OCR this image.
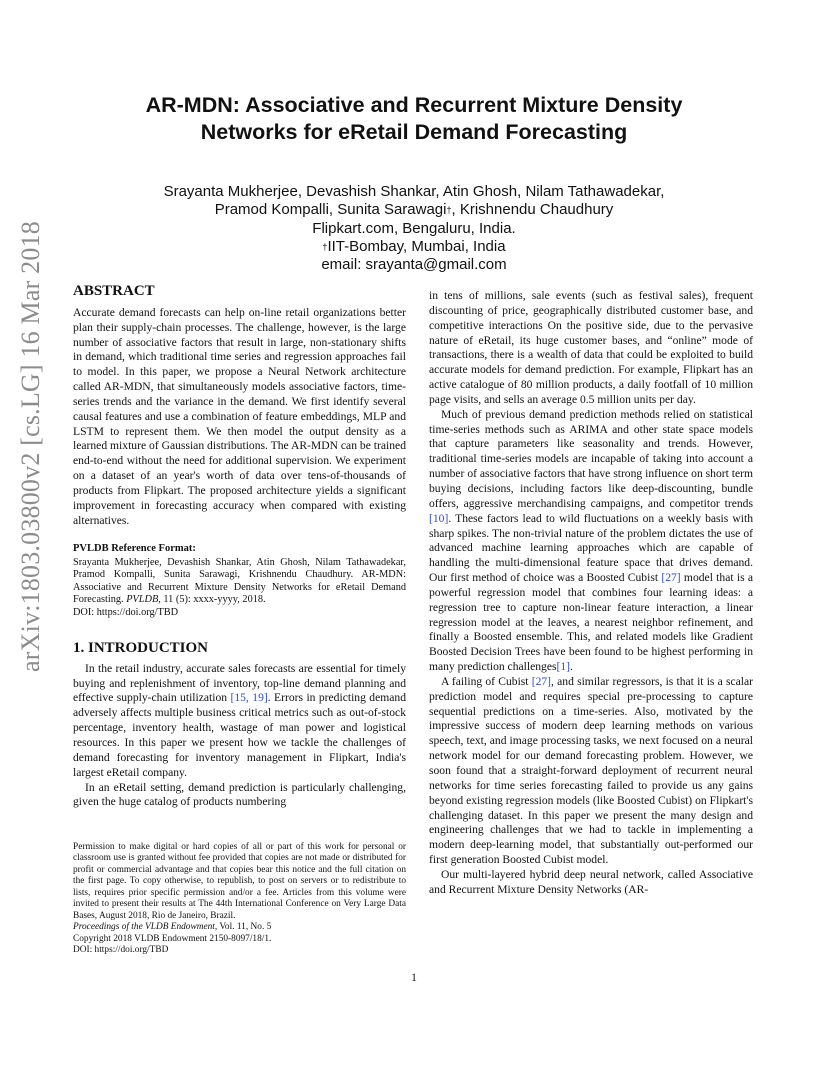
arXiv:1803.03800v2 [cs.LG] 16 Mar 2018
AR-MDN: Associative and Recurrent Mixture Density
Networks for eRetail Demand Forecasting
Srayanta Mukherjee, Devashish Shankar, Atin Ghosh, Nilam Tathawadekar,
Pramod Kompalli, Sunita Sarawagi†, Krishnendu Chaudhury
Flipkart.com, Bengaluru, India.
†IIT-Bombay, Mumbai, India
email: srayanta@gmail.com
ABSTRACT

Accurate demand forecasts can help on-line retail organizations better plan their supply-chain processes. The challenge, however, is the large number of associative factors that result in large, non-stationary shifts in demand, which traditional time series and regression approaches fail to model. In this paper, we propose a Neural Network architecture called AR-MDN, that simultaneously models associative factors, time-series trends and the variance in the demand. We first identify several causal features and use a combination of feature embeddings, MLP and LSTM to represent them. We then model the output density as a learned mixture of Gaussian distributions. The AR-MDN can be trained end-to-end without the need for additional supervision. We experiment on a dataset of an year's worth of data over tens-of-thousands of products from Flipkart. The proposed architecture yields a significant improvement in forecasting accuracy when compared with existing alternatives.

PVLDB Reference Format:
Srayanta Mukherjee, Devashish Shankar, Atin Ghosh, Nilam Tathawadekar, Pramod Kompalli, Sunita Sarawagi, Krishnendu Chaudhury. AR-MDN: Associative and Recurrent Mixture Density Networks for eRetail Demand Forecasting. PVLDB, 11 (5): xxxx-yyyy, 2018.
DOI: https://doi.org/TBD
1. INTRODUCTION

In the retail industry, accurate sales forecasts are essential for timely buying and replenishment of inventory, top-line demand planning and effective supply-chain utilization [15, 19]. Errors in predicting demand adversely affects multiple business critical metrics such as out-of-stock percentage, inventory health, wastage of man power and logistical resources. In this paper we present how we tackle the challenges of demand forecasting for inventory management in Flipkart, India's largest eRetail company.

In an eRetail setting, demand prediction is particularly challenging, given the huge catalog of products numbering

Permission to make digital or hard copies of all or part of this work for personal or classroom use is granted without fee provided that copies are not made or distributed for profit or commercial advantage and that copies bear this notice and the full citation on the first page. To copy otherwise, to republish, to post on servers or to redistribute to lists, requires prior specific permission and/or a fee. Articles from this volume were invited to present their results at The 44th International Conference on Very Large Data Bases, August 2018, Rio de Janeiro, Brazil.

Proceedings of the VLDB Endowment, Vol. 11, No. 5

Copyright 2018 VLDB Endowment 2150-8097/18/1.

DOI: https://doi.org/TBD

in tens of millions, sale events (such as festival sales), frequent discounting of price, geographically distributed customer base, and competitive interactions On the positive side, due to the pervasive nature of eRetail, its huge customer bases, and “online” mode of transactions, there is a wealth of data that could be exploited to build accurate models for demand prediction. For example, Flipkart has an active catalogue of 80 million products, a daily footfall of 10 million page visits, and sells an average 0.5 million units per day.

Much of previous demand prediction methods relied on statistical time-series methods such as ARIMA and other state space models that capture parameters like seasonality and trends. However, traditional time-series models are incapable of taking into account a number of associative factors that have strong influence on short term buying decisions, including factors like deep-discounting, bundle offers, aggressive merchandising campaigns, and competitor trends [10]. These factors lead to wild fluctuations on a weekly basis with sharp spikes. The non-trivial nature of the problem dictates the use of advanced machine learning approaches which are capable of handling the multi-dimensional feature space that drives demand. Our first method of choice was a Boosted Cubist [27] model that is a powerful regression model that combines four learning ideas: a regression tree to capture non-linear feature interaction, a linear regression model at the leaves, a nearest neighbor refinement, and finally a Boosted ensemble. This, and related models like Gradient Boosted Decision Trees have been found to be highest performing in many prediction challenges[1].

A failing of Cubist [27], and similar regressors, is that it is a scalar prediction model and requires special pre-processing to capture sequential predictions on a time-series. Also, motivated by the impressive success of modern deep learning methods on various speech, text, and image processing tasks, we next focused on a neural network model for our demand forecasting problem. However, we soon found that a straight-forward deployment of recurrent neural networks for time series forecasting failed to provide us any gains beyond existing regression models (like Boosted Cubist) on Flipkart's challenging dataset. In this paper we present the many design and engineering challenges that we had to tackle in implementing a modern deep-learning model, that substantially out-performed our first generation Boosted Cubist model.

Our multi-layered hybrid deep neural network, called Associative and Recurrent Mixture Density Networks (AR-

1
